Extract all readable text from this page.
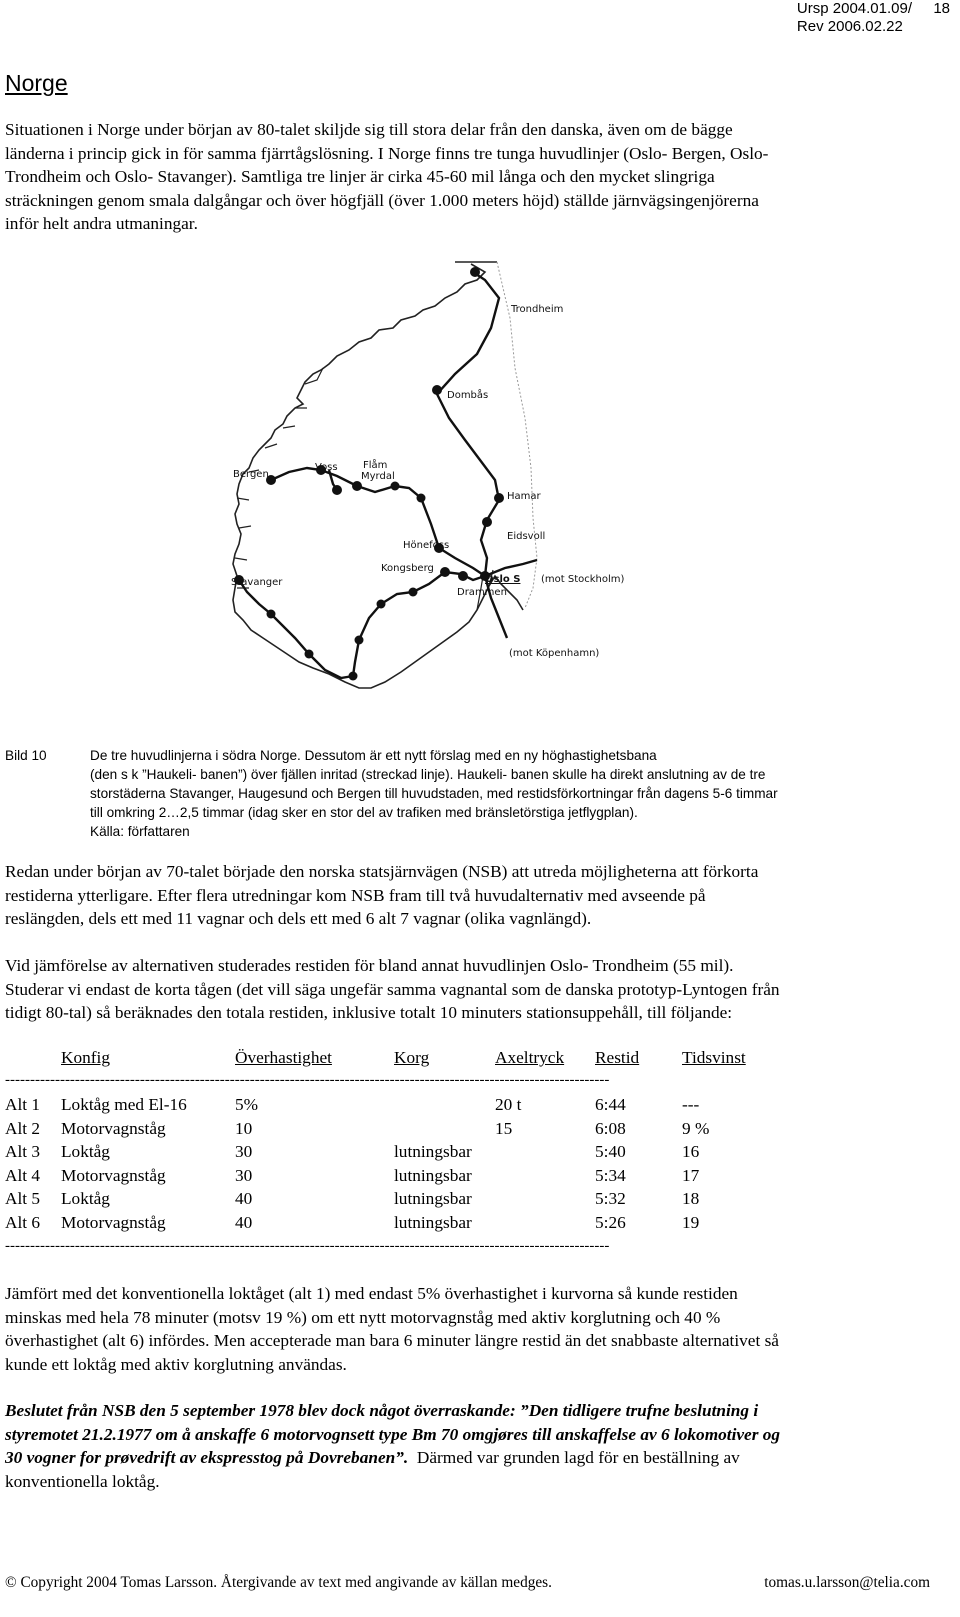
Ursp 2004.01.09/
Rev 2006.02.22
18
Norge
Situationen i Norge under början av 80-talet skiljde sig till stora delar från den danska, även om de bägge
länderna i princip gick in för samma fjärrtågslösning. I Norge finns tre tunga huvudlinjer (Oslo- Bergen, Oslo-
Trondheim och Oslo- Stavanger). Samtliga tre linjer är cirka 45-60 mil långa och den mycket slingriga
sträckningen genom smala dalgångar och över högfjäll (över 1.000 meters höjd) ställde järnvägsingenjörerna
inför helt andra utmaningar.
Trondheim
Dombås
Bergen
Voss	Flåm
Myrdal
Hamar
Eidsvoll
Hönefoss
Kongsberg
Oslo S (mot Stockholm)
Drammen
Stavanger
(mot Köpenhamn)
Bild 10	De tre huvudlinjerna i södra Norge. Dessutom är ett nytt förslag med en ny höghastighetsbana
(den s k ”Haukeli- banen”) över fjällen inritad (streckad linje). Haukeli- banen skulle ha direkt anslutning av de tre
storstäderna Stavanger, Haugesund och Bergen till huvudstaden, med restidsförkortningar från dagens 5-6 timmar
till omkring 2…2,5 timmar (idag sker en stor del av trafiken med bränsletörstiga jetflygplan).
Källa: författaren
Redan under början av 70-talet började den norska statsjärnvägen (NSB) att utreda möjligheterna att förkorta
restiderna ytterligare. Efter flera utredningar kom NSB fram till två huvudalternativ med avseende på
reslängden, dels ett med 11 vagnar och dels ett med 6 alt 7 vagnar (olika vagnlängd).
Vid jämförelse av alternativen studerades restiden för bland annat huvudlinjen Oslo- Trondheim (55 mil).
Studerar vi endast de korta tågen (det vill säga ungefär samma vagnantal som de danska prototyp-Lyntogen från
tidigt 80-tal) så beräknades den totala restiden, inklusive totalt 10 minuters stationsuppehåll, till följande:
	Konfig	Överhastighet	Korg	Axeltryck	Restid	Tidsvinst

Alt 1	Loktåg med El-16	5%		20 t	6:44	---
Alt 2	Motorvagnståg	10		15	6:08	9 %
Alt 3	Loktåg	30	lutningsbar		5:40	16
Alt 4	Motorvagnståg	30	lutningsbar		5:34	17
Alt 5	Loktåg	40	lutningsbar		5:32	18
Alt 6	Motorvagnståg	40	lutningsbar		5:26	19
-------------------------------------------------------------------------------------------------------------------------
-------------------------------------------------------------------------------------------------------------------------
Jämfört med det konventionella loktåget (alt 1) med endast 5% överhastighet i kurvorna så kunde restiden
minskas med hela 78 minuter (motsv 19 %) om ett nytt motorvagnståg med aktiv korglutning och 40 %
överhastighet (alt 6) infördes. Men accepterade man bara 6 minuter längre restid än det snabbaste alternativet så
kunde ett loktåg med aktiv korglutning användas.
Beslutet från NSB den 5 september 1978 blev dock något överraskande: ”Den tidligere trufne beslutning i
styremotet 21.2.1977 om å anskaffe 6 motorvognsett type Bm 70 omgjøres till anskaffelse av 6 lokomotiver og
30 vogner for prøvedrift av ekspresstog på Dovrebanen”.  Därmed var grunden lagd för en beställning av
konventionella loktåg.
© Copyright 2004 Tomas Larsson. Återgivande av text med angivande av källan medges.	tomas.u.larsson@telia.com
